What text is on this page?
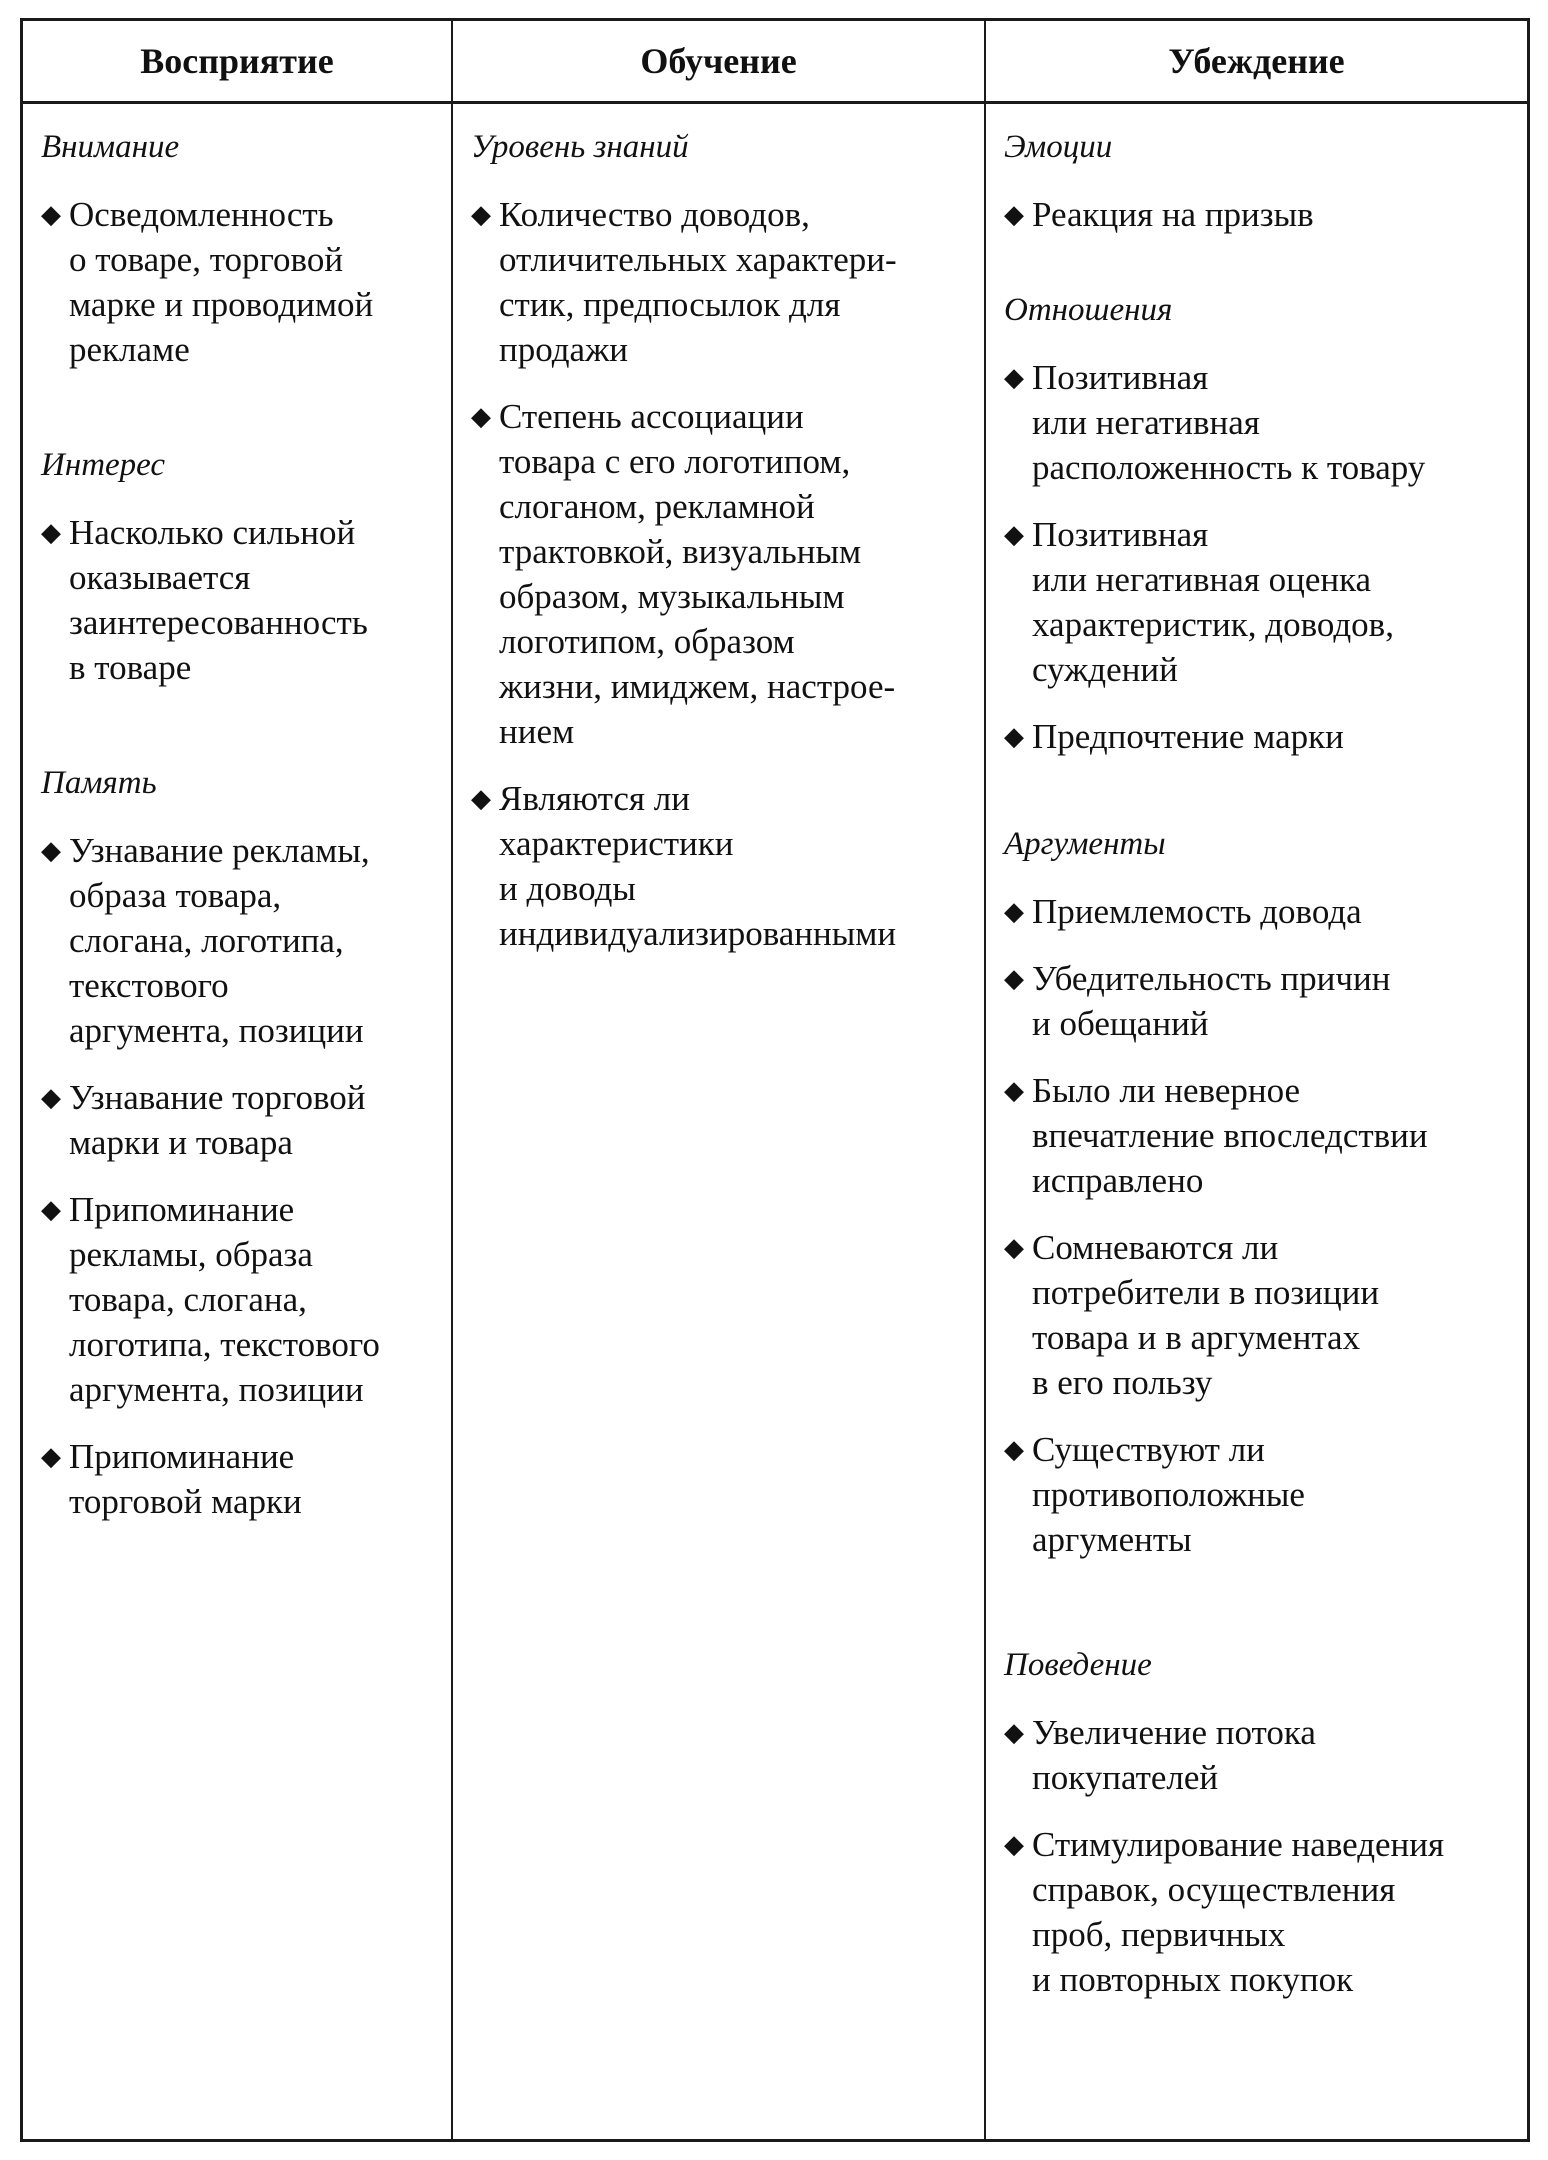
Восприятие	Обучение	Убеждение
Внимание
◆ Осведомленность
о товаре, торговой
марке и проводимой
рекламе
Интерес
◆ Насколько сильной
оказывается
заинтересованность
в товаре
Память
◆ Узнавание рекламы,
образа товара,
слогана, логотипа,
текстового
аргумента, позиции
◆ Узнавание торговой
марки и товара
◆ Припоминание
рекламы, образа
товара, слогана,
логотипа, текстового
аргумента, позиции
◆ Припоминание
торговой марки
Уровень знаний
◆ Количество доводов,
отличительных характери-
стик, предпосылок для
продажи
◆ Степень ассоциации
товара с его логотипом,
слоганом, рекламной
трактовкой, визуальным
образом, музыкальным
логотипом, образом
жизни, имиджем, настрое-
нием
◆ Являются ли
характеристики
и доводы
индивидуализированными
Эмоции
◆ Реакция на призыв
Отношения
◆ Позитивная
или негативная
расположенность к товару
◆ Позитивная
или негативная оценка
характеристик, доводов,
суждений
◆ Предпочтение марки
Аргументы
◆ Приемлемость довода
◆ Убедительность причин
и обещаний
◆ Было ли неверное
впечатление впоследствии
исправлено
◆ Сомневаются ли
потребители в позиции
товара и в аргументах
в его пользу
◆ Существуют ли
противоположные
аргументы
Поведение
◆ Увеличение потока
покупателей
◆ Стимулирование наведения
справок, осуществления
проб, первичных
и повторных покупок
